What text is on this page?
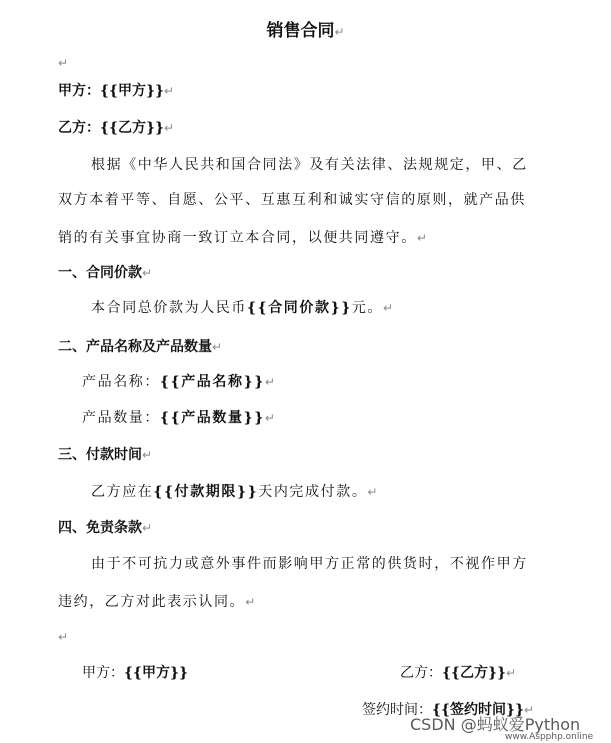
销售合同↵
↵
甲方：{{甲方}}↵
乙方：{{乙方}}↵
根据《中华人民共和国合同法》及有关法律、法规规定，甲、乙
双方本着平等、自愿、公平、互惠互利和诚实守信的原则，就产品供
销的有关事宜协商一致订立本合同，以便共同遵守。↵
一、合同价款↵
本合同总价款为人民币{{合同价款}}元。↵
二、产品名称及产品数量↵
产品名称：{{产品名称}}↵
产品数量：{{产品数量}}↵
三、付款时间↵
乙方应在{{付款期限}}天内完成付款。↵
四、免责条款↵
由于不可抗力或意外事件而影响甲方正常的供货时，不视作甲方
违约，乙方对此表示认同。↵
↵
甲方：{{甲方}}	乙方：{{乙方}}↵
签约时间：{{签约时间}}↵
CSDN @蚂蚁爱Python
www.Aspphp.online
